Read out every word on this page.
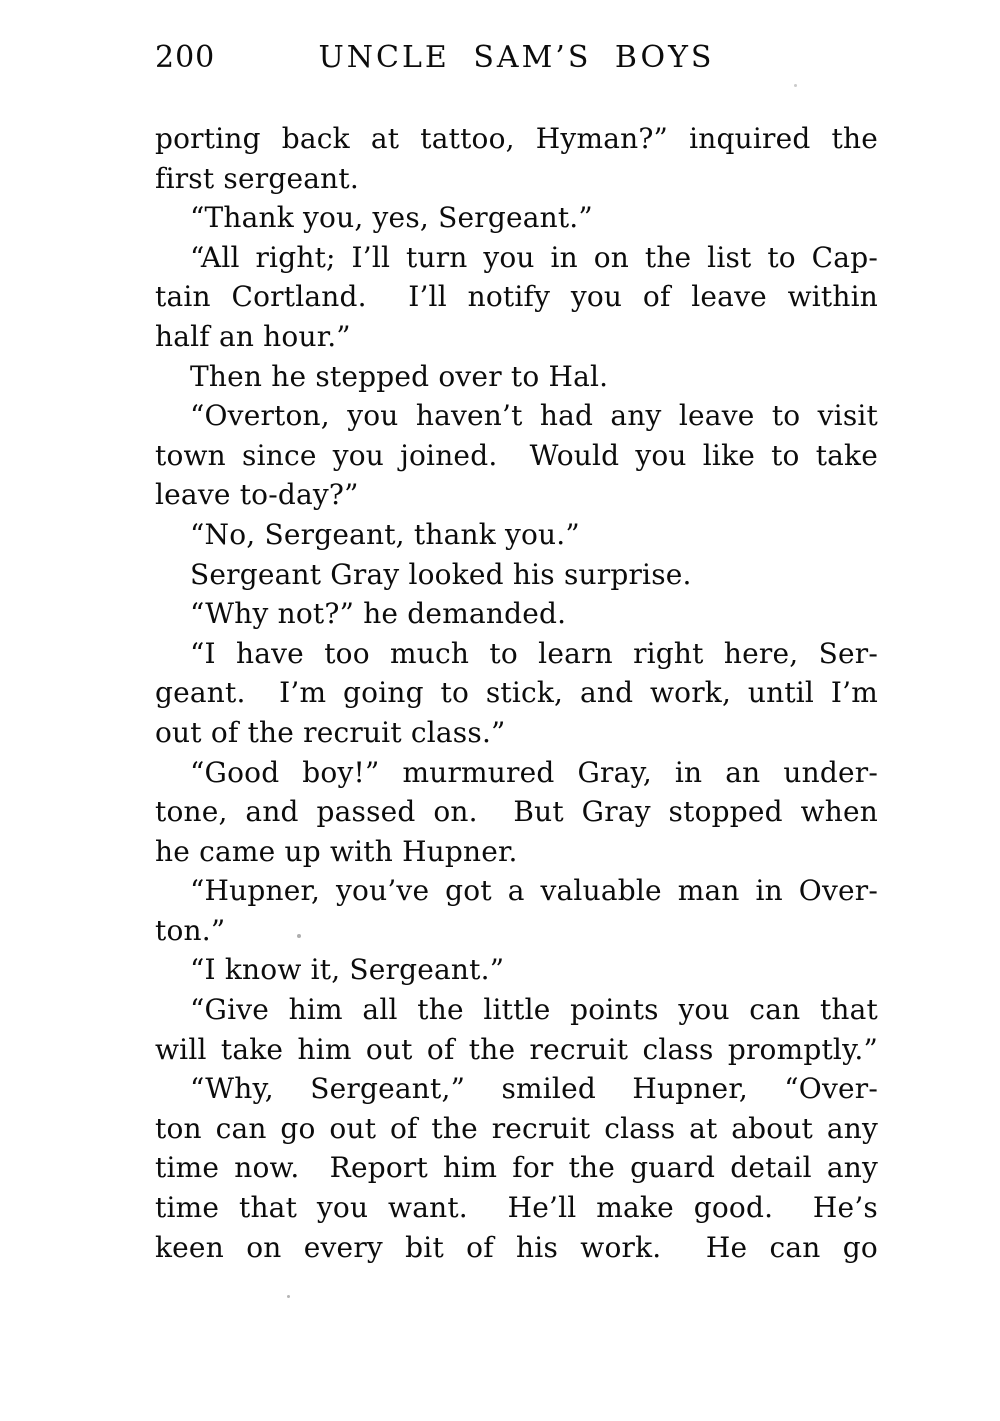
200	UNCLE SAM’S BOYS
porting back at tattoo, Hyman?” inquired the
first sergeant.
“Thank you, yes, Sergeant.”
“All right; I’ll turn you in on the list to Cap-
tain Cortland.  I’ll notify you of leave within
half an hour.”
Then he stepped over to Hal.
“Overton, you haven’t had any leave to visit
town since you joined.  Would you like to take
leave to-day?”
“No, Sergeant, thank you.”
Sergeant Gray looked his surprise.
“Why not?” he demanded.
“I have too much to learn right here, Ser-
geant.  I’m going to stick, and work, until I’m
out of the recruit class.”
“Good boy!” murmured Gray, in an under-
tone, and passed on.  But Gray stopped when
he came up with Hupner.
“Hupner, you’ve got a valuable man in Over-
ton.”
“I know it, Sergeant.”
“Give him all the little points you can that
will take him out of the recruit class promptly.”
“Why, Sergeant,” smiled Hupner, “Over-
ton can go out of the recruit class at about any
time now.  Report him for the guard detail any
time that you want.  He’ll make good.  He’s
keen on every bit of his work.  He can go
